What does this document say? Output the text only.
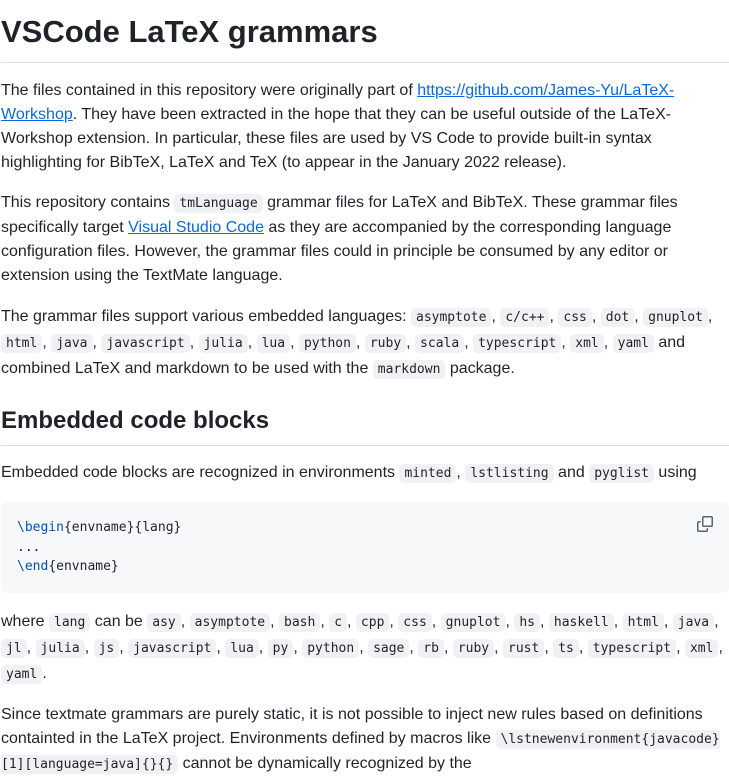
VSCode LaTeX grammars

The files contained in this repository were originally part of https://github.com/James-Yu/LaTeX-Workshop. They have been extracted in the hope that they can be useful outside of the LaTeX-Workshop extension. In particular, these files are used by VS Code to provide built-in syntax highlighting for BibTeX, LaTeX and TeX (to appear in the January 2022 release).

This repository contains tmLanguage grammar files for LaTeX and BibTeX. These grammar files specifically target Visual Studio Code as they are accompanied by the corresponding language configuration files. However, the grammar files could in principle be consumed by any editor or extension using the TextMate language.

The grammar files support various embedded languages: asymptote , c/c++ , css , dot , gnuplot , html , java , javascript , julia , lua , python , ruby , scala , typescript , xml , yaml and combined LaTeX and markdown to be used with the markdown package.

Embedded code blocks

Embedded code blocks are recognized in environments minted , lstlisting and pyglist using

\begin{envname}{lang}
...
\end{envname}

where lang can be asy , asymptote , bash , c , cpp , css , gnuplot , hs , haskell , html , java , jl , julia , js , javascript , lua , py , python , sage , rb , ruby , rust , ts , typescript , xml , yaml .

Since textmate grammars are purely static, it is not possible to inject new rules based on definitions containted in the LaTeX project. Environments defined by macros like \lstnewenvironment{javacode}[1][language=java]{}{} cannot be dynamically recognized by the
